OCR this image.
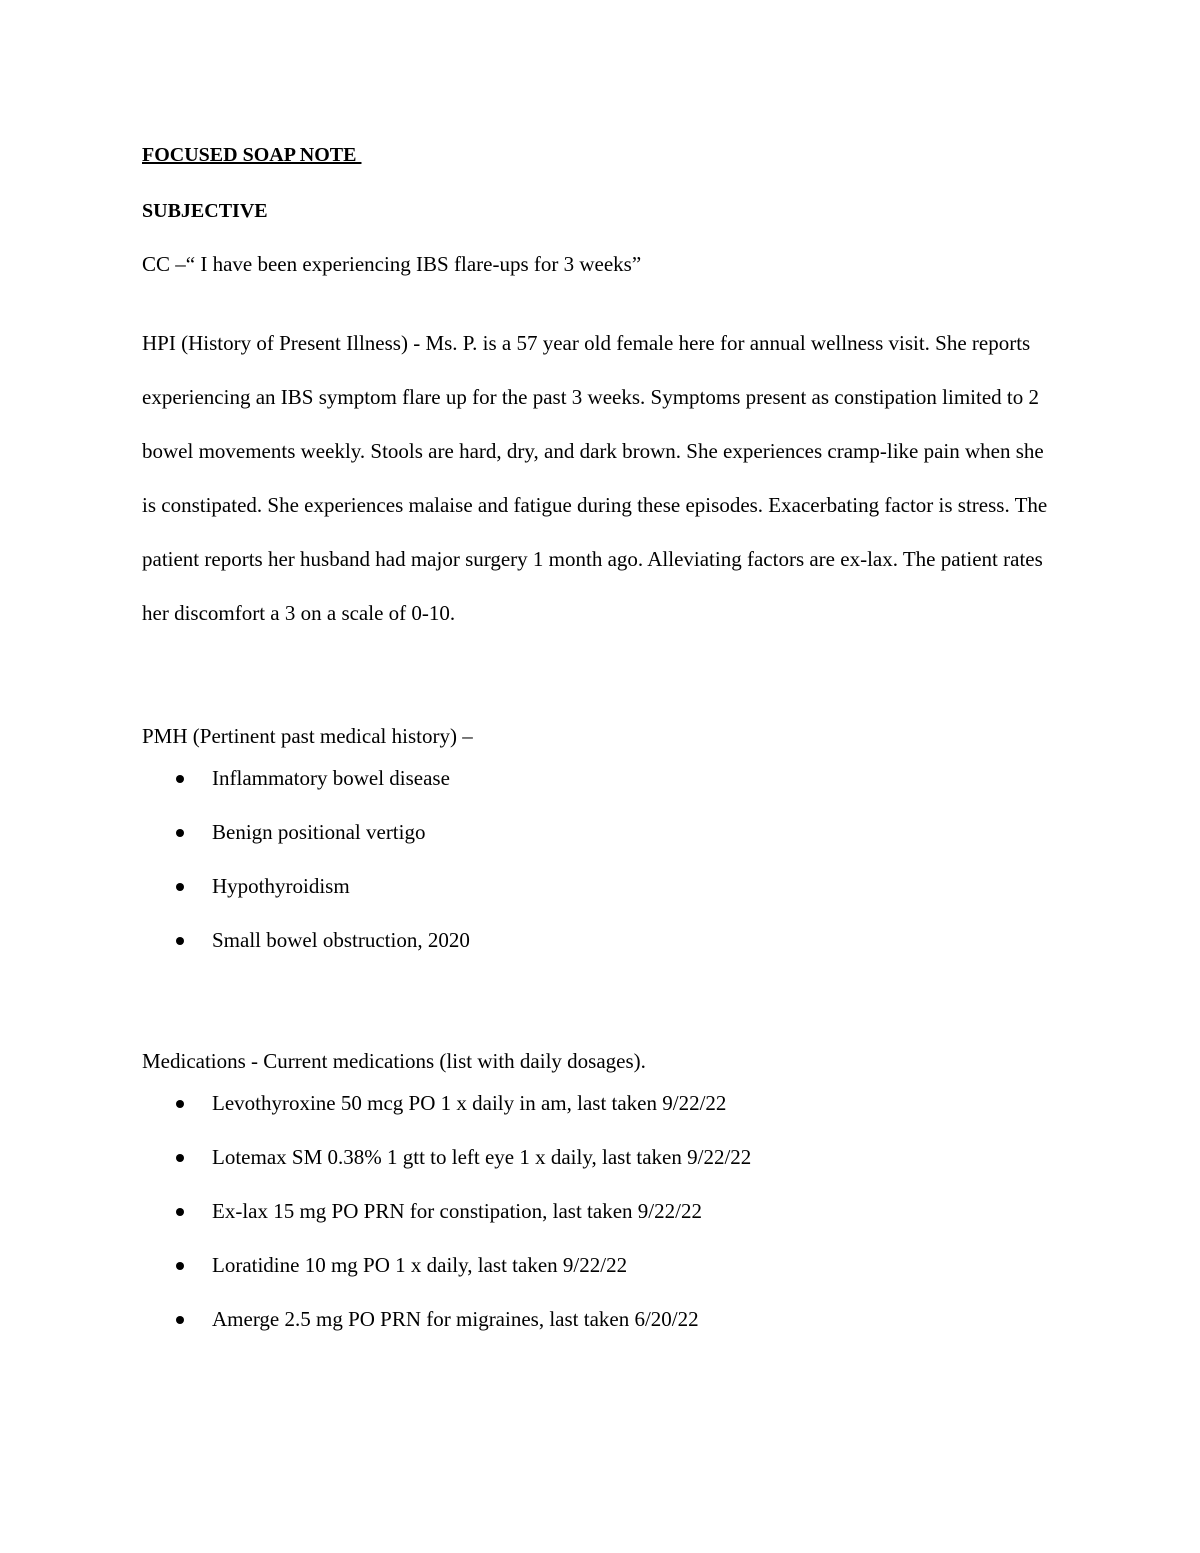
FOCUSED SOAP NOTE
SUBJECTIVE
CC –“ I have been experiencing IBS flare-ups for 3 weeks”
HPI (History of Present Illness) - Ms. P. is a 57 year old female here for annual wellness visit. She reports experiencing an IBS symptom flare up for the past 3 weeks. Symptoms present as constipation limited to 2 bowel movements weekly. Stools are hard, dry, and dark brown. She experiences cramp-like pain when she is constipated. She experiences malaise and fatigue during these episodes. Exacerbating factor is stress. The patient reports her husband had major surgery 1 month ago. Alleviating factors are ex-lax. The patient rates her discomfort a 3 on a scale of 0-10.
PMH (Pertinent past medical history) –
Inflammatory bowel disease
Benign positional vertigo
Hypothyroidism
Small bowel obstruction, 2020
Medications - Current medications (list with daily dosages).
Levothyroxine 50 mcg PO 1 x daily in am, last taken 9/22/22
Lotemax SM 0.38% 1 gtt to left eye 1 x daily, last taken 9/22/22
Ex-lax 15 mg PO PRN for constipation, last taken 9/22/22
Loratidine 10 mg PO 1 x daily, last taken 9/22/22
Amerge 2.5 mg PO PRN for migraines, last taken 6/20/22
